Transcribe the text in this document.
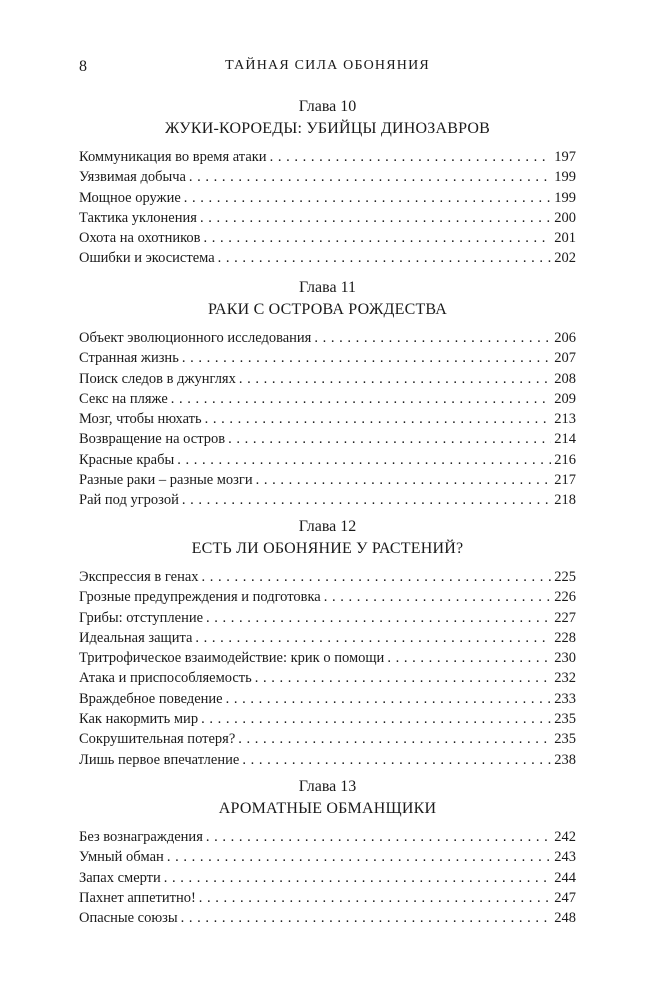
8	ТАЙНАЯ СИЛА ОБОНЯНИЯ
Глава 10
ЖУКИ-КОРОЕДЫ: УБИЙЦЫ ДИНОЗАВРОВ
Коммуникация во время атаки . . .	197
Уязвимая добыча . . .	199
Мощное оружие . . .	199
Тактика уклонения . . .	200
Охота на охотников . . .	201
Ошибки и экосистема . . .	202
Глава 11
РАКИ С ОСТРОВА РОЖДЕСТВА
Объект эволюционного исследования . . .	206
Странная жизнь . . .	207
Поиск следов в джунглях . . .	208
Секс на пляже . . .	209
Мозг, чтобы нюхать . . .	213
Возвращение на остров . . .	214
Красные крабы . . .	216
Разные раки – разные мозги . . .	217
Рай под угрозой . . .	218
Глава 12
ЕСТЬ ЛИ ОБОНЯНИЕ У РАСТЕНИЙ?
Экспрессия в генах . . .	225
Грозные предупреждения и подготовка . . .	226
Грибы: отступление . . .	227
Идеальная защита . . .	228
Тритрофическое взаимодействие: крик о помощи . . .	230
Атака и приспособляемость . . .	232
Враждебное поведение . . .	233
Как накормить мир . . .	235
Сокрушительная потеря? . . .	235
Лишь первое впечатление . . .	238
Глава 13
АРОМАТНЫЕ ОБМАНЩИКИ
Без вознаграждения . . .	242
Умный обман . . .	243
Запах смерти . . .	244
Пахнет аппетитно! . . .	247
Опасные союзы . . .	248
